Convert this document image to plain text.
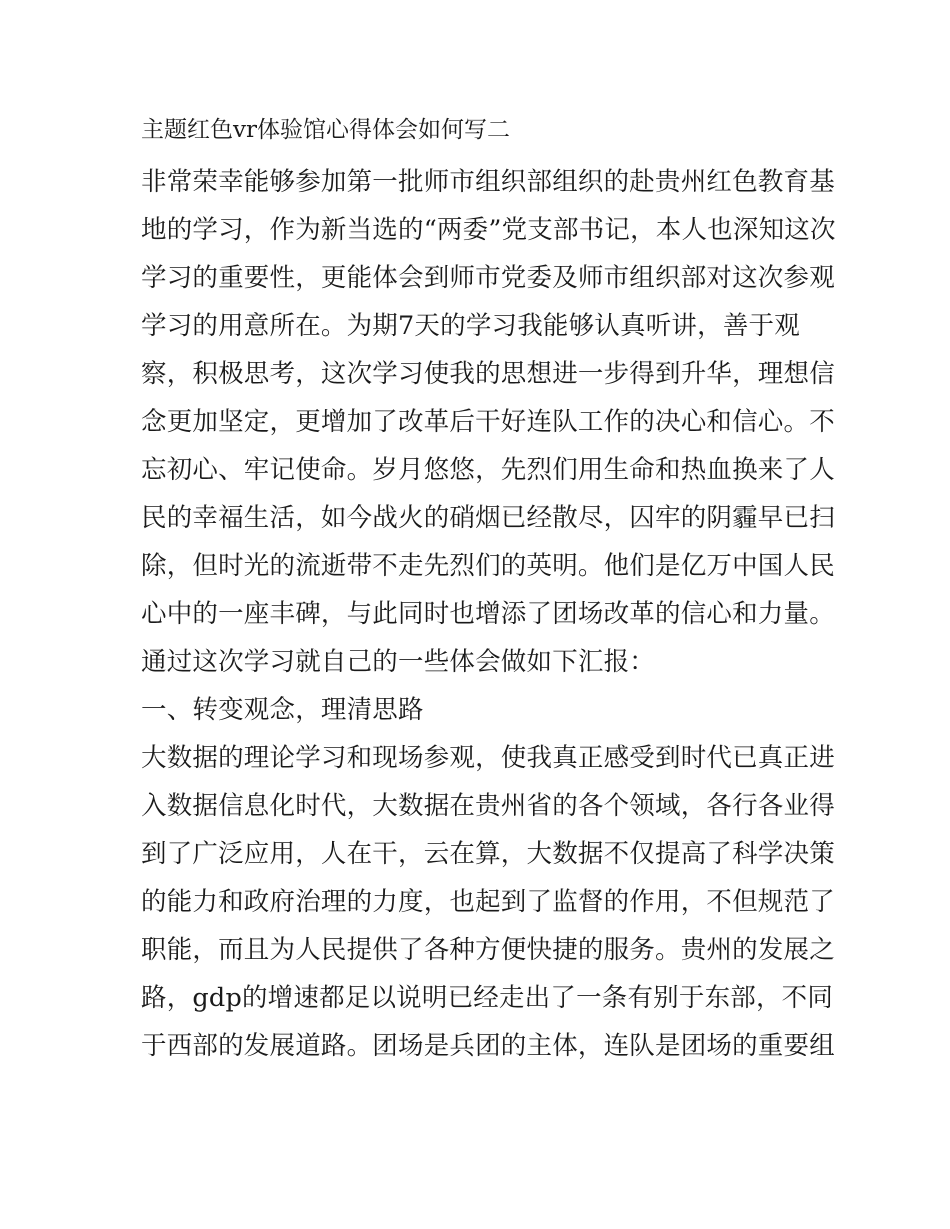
主题红色vr体验馆心得体会如何写二
非常荣幸能够参加第一批师市组织部组织的赴贵州红色教育基
地的学习，作为新当选的“两委”党支部书记，本人也深知这次
学习的重要性，更能体会到师市党委及师市组织部对这次参观
学习的用意所在。为期7天的学习我能够认真听讲，善于观
察，积极思考，这次学习使我的思想进一步得到升华，理想信
念更加坚定，更增加了改革后干好连队工作的决心和信心。不
忘初心、牢记使命。岁月悠悠，先烈们用生命和热血换来了人
民的幸福生活，如今战火的硝烟已经散尽，囚牢的阴霾早已扫
除，但时光的流逝带不走先烈们的英明。他们是亿万中国人民
心中的一座丰碑，与此同时也增添了团场改革的信心和力量。
通过这次学习就自己的一些体会做如下汇报：
一、转变观念，理清思路
大数据的理论学习和现场参观，使我真正感受到时代已真正进
入数据信息化时代，大数据在贵州省的各个领域，各行各业得
到了广泛应用，人在干，云在算，大数据不仅提高了科学决策
的能力和政府治理的力度，也起到了监督的作用，不但规范了
职能，而且为人民提供了各种方便快捷的服务。贵州的发展之
路，gdp的增速都足以说明已经走出了一条有别于东部，不同
于西部的发展道路。团场是兵团的主体，连队是团场的重要组
